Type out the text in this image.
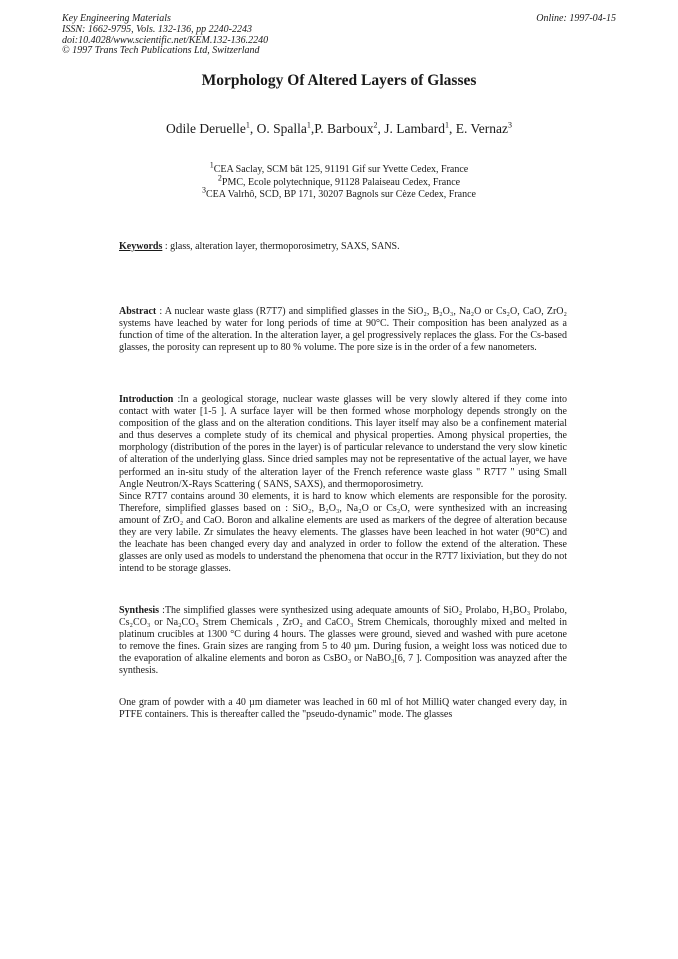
Key Engineering Materials
ISSN: 1662-9795, Vols. 132-136, pp 2240-2243
doi:10.4028/www.scientific.net/KEM.132-136.2240
© 1997 Trans Tech Publications Ltd, Switzerland
Online: 1997-04-15
Morphology Of Altered Layers of Glasses
Odile Deruelle$^1$, O. Spalla$^1$,P. Barboux$^2$, J. Lambard$^1$, E. Vernaz$^3$
$^1$CEA Saclay, SCM bât 125, 91191 Gif sur Yvette Cedex, France
$^2$PMC, Ecole polytechnique, 91128 Palaiseau Cedex, France
$^3$CEA Valrhô, SCD, BP 171, 30207 Bagnols sur Cèze Cedex, France

Keywords : glass, alteration layer, thermoporosimetry, SAXS, SANS.

Abstract : A nuclear waste glass (R7T7) and simplified glasses in the SiO₂, B₂O₃, Na₂O or Cs₂O, CaO, ZrO₂ systems have leached by water for long periods of time at 90°C. Their composition has been analyzed as a function of time of the alteration. In the alteration layer, a gel progressively replaces the glass. For the Cs-based glasses, the porosity can represent up to 80 % volume. The pore size is in the order of a few nanometers.

Introduction :In a geological storage, nuclear waste glasses will be very slowly altered if they come into contact with water [1-5 ]. A surface layer will be then formed whose morphology depends strongly on the composition of the glass and on the alteration conditions. This layer itself may also be a confinement material and thus deserves a complete study of its chemical and physical properties. Among physical properties, the morphology (distribution of the pores in the layer) is of particular relevance to understand the very slow kinetic of alteration of the underlying glass. Since dried samples may not be representative of the actual layer, we have performed an in-situ study of the alteration layer of the French reference waste glass " R7T7 " using Small Angle Neutron/X-Rays Scattering ( SANS, SAXS), and thermoporosimetry.

Since R7T7 contains around 30 elements, it is hard to know which elements are responsible for the porosity. Therefore, simplified glasses based on : SiO₂, B₂O₃, Na₂O or Cs₂O, were synthesized with an increasing amount of ZrO₂ and CaO. Boron and alkaline elements are used as markers of the degree of alteration because they are very labile. Zr simulates the heavy elements. The glasses have been leached in hot water (90°C) and the leachate has been changed every day and analyzed in order to follow the extend of the alteration. These glasses are only used as models to understand the phenomena that occur in the R7T7 lixiviation, but they do not intend to be storage glasses.

Synthesis :The simplified glasses were synthesized using adequate amounts of SiO₂ Prolabo, H₃BO₃ Prolabo, Cs₂CO₃ or Na₂CO₃ Strem Chemicals , ZrO₂ and CaCO₃ Strem Chemicals, thoroughly mixed and melted in platinum crucibles at 1300 °C during 4 hours. The glasses were ground, sieved and washed with pure acetone to remove the fines. Grain sizes are ranging from 5 to 40 µm. During fusion, a weight loss was noticed due to the evaporation of alkaline elements and boron as CsBO₃ or NaBO₃[6, 7 ]. Composition was anayzed after the synthesis.

One gram of powder with a 40 µm diameter was leached in 60 ml of hot MilliQ water changed every day, in PTFE containers. This is thereafter called the "pseudo-dynamic" mode. The glasses
